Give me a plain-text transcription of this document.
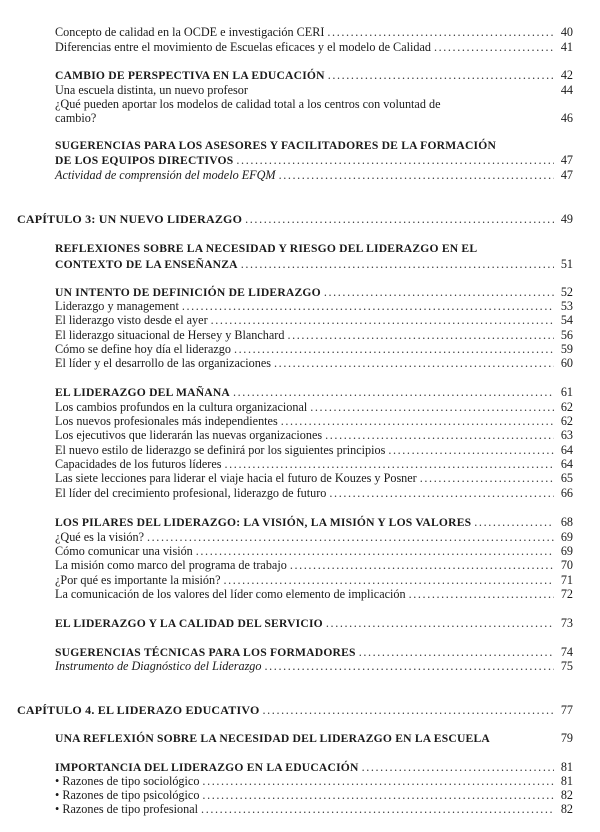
Concepto de calidad en la OCDE e investigación CERI .....	40
Diferencias entre el movimiento de Escuelas eficaces y el modelo de Calidad .....	41
CAMBIO DE PERSPECTIVA EN LA EDUCACIÓN .....	42
Una escuela distinta, un nuevo profesor	44
¿Qué pueden aportar los modelos de calidad total a los centros con voluntad de
cambio?	46
SUGERENCIAS PARA LOS ASESORES Y FACILITADORES DE LA FORMACIÓN
DE LOS EQUIPOS DIRECTIVOS .....	47
Actividad de comprensión del modelo EFQM .....	47
CAPÍTULO 3: UN NUEVO LIDERAZGO .....	49
REFLEXIONES SOBRE LA NECESIDAD Y RIESGO DEL LIDERAZGO EN EL
CONTEXTO DE LA ENSEÑANZA .....	51
UN INTENTO DE DEFINICIÓN DE LIDERAZGO .....	52
Liderazgo y management .....	53
El liderazgo visto desde el ayer .....	54
El liderazgo situacional de Hersey y Blanchard .....	56
Cómo se define hoy día el liderazgo .....	59
El líder y el desarrollo de las organizaciones .....	60
EL LIDERAZGO DEL MAÑANA .....	61
Los cambios profundos en la cultura organizacional .....	62
Los nuevos profesionales más independientes .....	62
Los ejecutivos que liderarán las nuevas organizaciones .....	63
El nuevo estilo de liderazgo se definirá por los siguientes principios .....	64
Capacidades de los futuros líderes .....	64
Las siete lecciones para liderar el viaje hacia el futuro de Kouzes y Posner .....	65
El líder del crecimiento profesional, liderazgo de futuro .....	66
LOS PILARES DEL LIDERAZGO: LA VISIÓN, LA MISIÓN Y LOS VALORES .....	68
¿Qué es la visión? .....	69
Cómo comunicar una visión .....	69
La misión como marco del programa de trabajo .....	70
¿Por qué es importante la misión? .....	71
La comunicación de los valores del líder como elemento de implicación .....	72
EL LIDERAZGO Y LA CALIDAD DEL SERVICIO .....	73
SUGERENCIAS TÉCNICAS PARA LOS FORMADORES .....	74
Instrumento de Diagnóstico del Liderazgo .....	75
CAPÍTULO 4. EL LIDERAZO EDUCATIVO .....	77
UNA REFLEXIÓN SOBRE LA NECESIDAD DEL LIDERAZGO EN LA ESCUELA	79
IMPORTANCIA DEL LIDERAZGO EN LA EDUCACIÓN .....	81
• Razones de tipo sociológico .....	81
• Razones de tipo psicológico .....	82
• Razones de tipo profesional .....	82
